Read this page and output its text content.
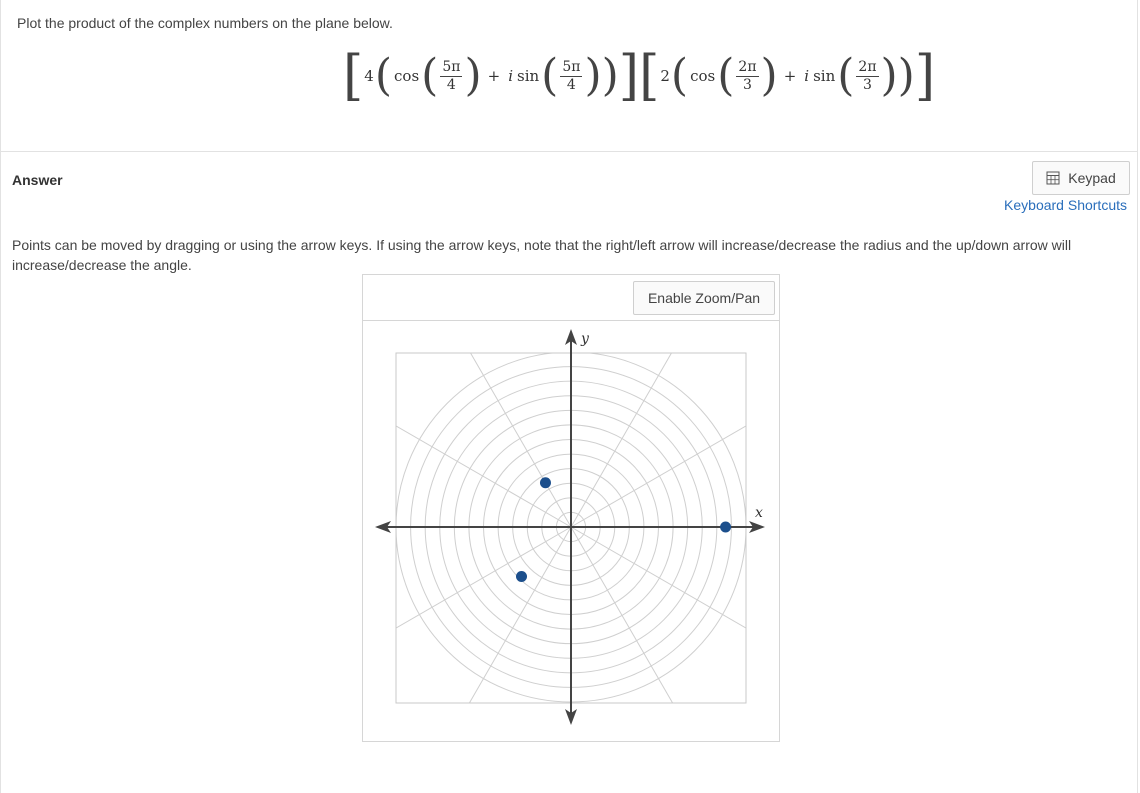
Plot the product of the complex numbers on the plane below.
[ 4 ( cos ( $\frac{5\pi}{4}$ ) + i sin ( $\frac{5\pi}{4}$ )) ] [ 2 ( cos ( $\frac{2\pi}{3}$ ) + i sin ( $\frac{2\pi}{3}$ )) ]
Answer	Keypad
Keyboard Shortcuts
Points can be moved by dragging or using the arrow keys. If using the arrow keys, note that the right/left arrow will increase/decrease the radius and the up/down arrow will increase/decrease the angle.
Enable Zoom/Pan
x
y
